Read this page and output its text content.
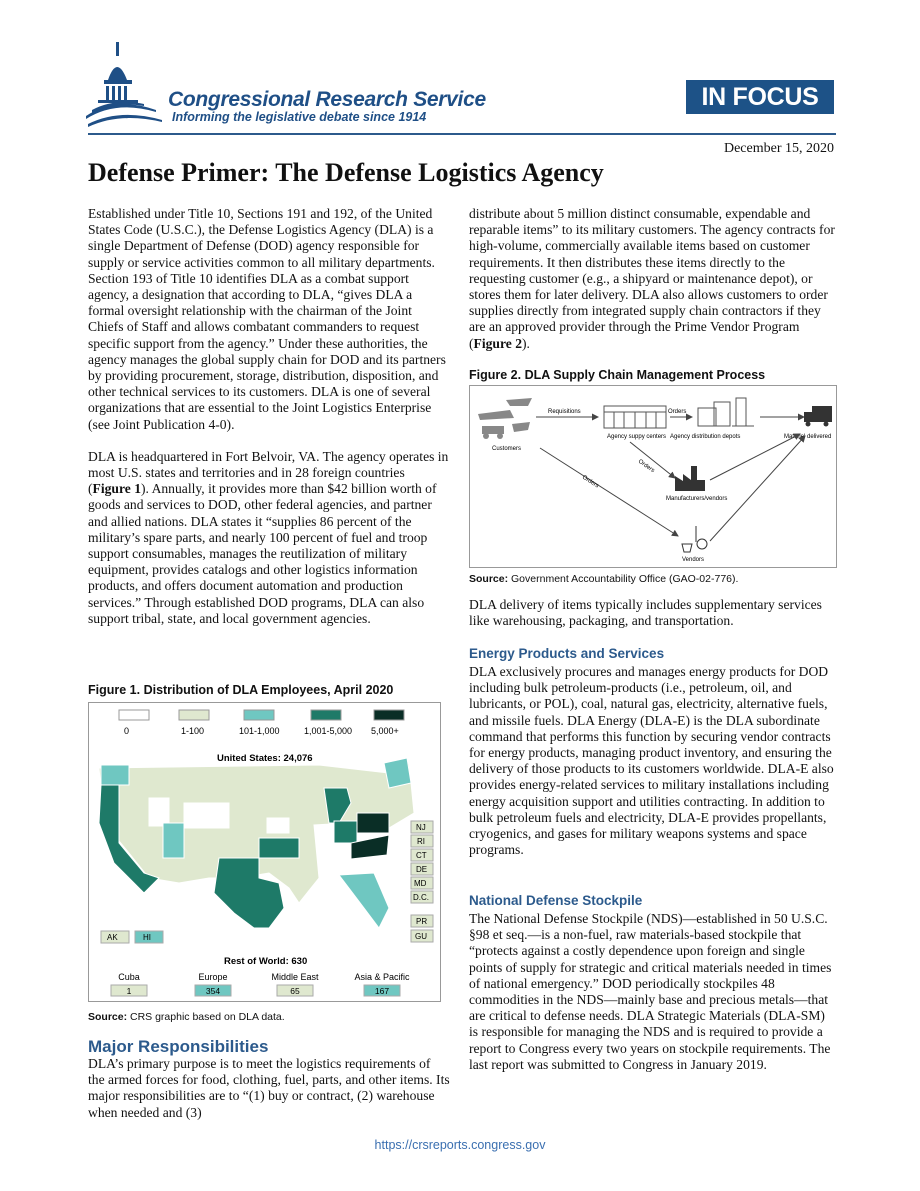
Congressional Research Service
Informing the legislative debate since 1914
IN FOCUS
December 15, 2020
Defense Primer: The Defense Logistics Agency

Established under Title 10, Sections 191 and 192, of the United States Code (U.S.C.), the Defense Logistics Agency (DLA) is a single Department of Defense (DOD) agency responsible for supply or service activities common to all military departments. Section 193 of Title 10 identifies DLA as a combat support agency, a designation that according to DLA, “gives DLA a formal oversight relationship with the chairman of the Joint Chiefs of Staff and allows combatant commanders to request specific support from the agency.” Under these authorities, the agency manages the global supply chain for DOD and its partners by providing procurement, storage, distribution, disposition, and other technical services to its customers. DLA is one of several organizations that are essential to the Joint Logistics Enterprise (see Joint Publication 4-0).

DLA is headquartered in Fort Belvoir, VA. The agency operates in most U.S. states and territories and in 28 foreign countries (Figure 1). Annually, it provides more than $42 billion worth of goods and services to DOD, other federal agencies, and partner and allied nations. DLA states it “supplies 86 percent of the military’s spare parts, and nearly 100 percent of fuel and troop support consumables, manages the reutilization of military equipment, provides catalogs and other logistics information products, and offers document automation and production services.” Through established DOD programs, DLA can also support tribal, state, and local government agencies.

Figure 1. Distribution of DLA Employees, April 2020
0	1-100	101-1,000	1,001-5,000 5,000+
United States: 24,076
NJ
RI
CT
DE
MD
D.C.
PR
GU
AK	HI
Rest of World: 630
Cuba	Europe	Middle East	Asia & Pacific
1	354	65	167
Source: CRS graphic based on DLA data.
Major Responsibilities
DLA’s primary purpose is to meet the logistics requirements of the armed forces for food, clothing, fuel, parts, and other items. Its major responsibilities are to “(1) buy or contract, (2) warehouse when needed and (3)
distribute about 5 million distinct consumable, expendable and reparable items” to its military customers. The agency contracts for high-volume, commercially available items based on customer requirements. It then distributes these items directly to the requesting customer (e.g., a shipyard or maintenance depot), or stores them for later delivery. DLA also allows customers to order supplies directly from integrated supply chain contractors if they are an approved provider through the Prime Vendor Program (Figure 2).
Figure 2. DLA Supply Chain Management Process
Customers
Requisitions
Agency suppy centers
Orders
Agency distribution depots	Materiel delivered
Orders
Manufacturers/vendors
Orders
Vendors
Source: Government Accountability Office (GAO-02-776).
DLA delivery of items typically includes supplementary services like warehousing, packaging, and transportation.
Energy Products and Services
DLA exclusively procures and manages energy products for DOD including bulk petroleum-products (i.e., petroleum, oil, and lubricants, or POL), coal, natural gas, electricity, alternative fuels, and missile fuels. DLA Energy (DLA-E) is the DLA subordinate command that performs this function by securing vendor contracts for energy products, managing product inventory, and ensuring the delivery of those products to its customers worldwide. DLA-E also provides energy-related services to military installations including energy acquisition support and utilities contracting. In addition to bulk petroleum fuels and electricity, DLA-E provides propellants, cryogenics, and gases for military weapons systems and space programs.
National Defense Stockpile
The National Defense Stockpile (NDS)—established in 50 U.S.C. §98 et seq.—is a non-fuel, raw materials-based stockpile that “protects against a costly dependence upon foreign and single points of supply for strategic and critical materials needed in times of national emergency.” DOD periodically stockpiles 48 commodities in the NDS—mainly base and precious metals—that are critical to defense needs. DLA Strategic Materials (DLA-SM) is responsible for managing the NDS and is required to provide a report to Congress every two years on stockpile requirements. The last report was submitted to Congress in January 2019.
https://crsreports.congress.gov
